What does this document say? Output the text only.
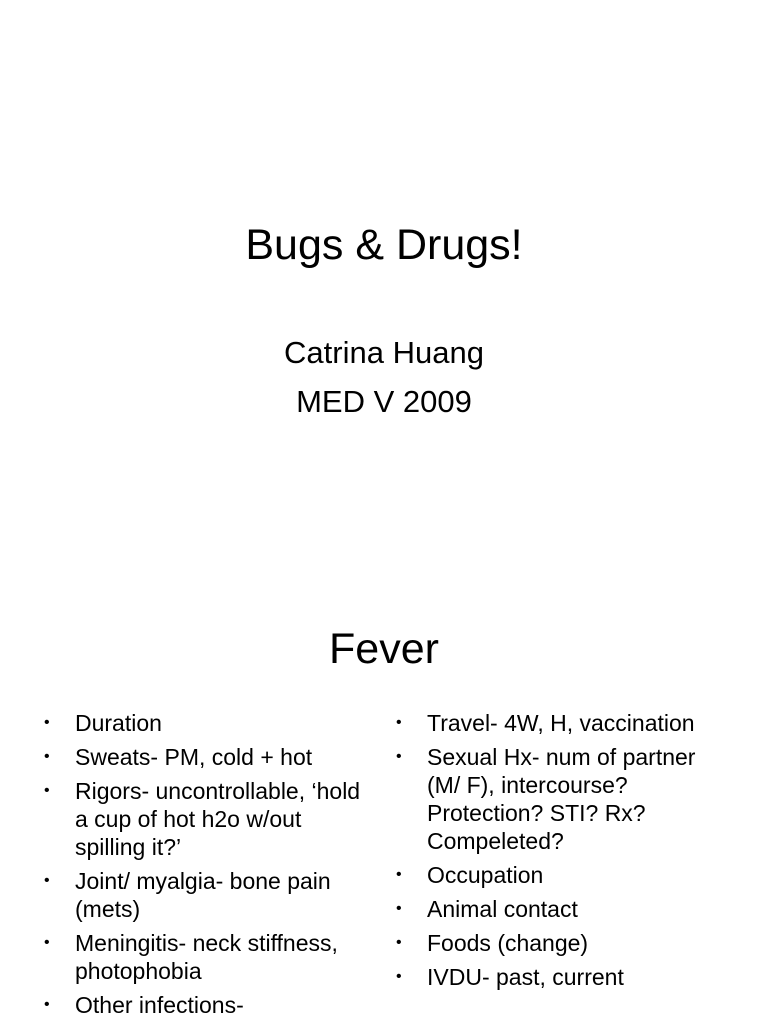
Bugs & Drugs!
Catrina Huang
MED V 2009
Fever
• Duration
• Sweats- PM, cold + hot
• Rigors- uncontrollable, ‘hold a cup of hot h2o w/out spilling it?’
• Joint/ myalgia- bone pain (mets)
• Meningitis- neck stiffness, photophobia
• Other infections-
• Travel- 4W, H, vaccination
• Sexual Hx- num of partner (M/ F), intercourse? Protection? STI? Rx? Compeleted?
• Occupation
• Animal contact
• Foods (change)
• IVDU- past, current
